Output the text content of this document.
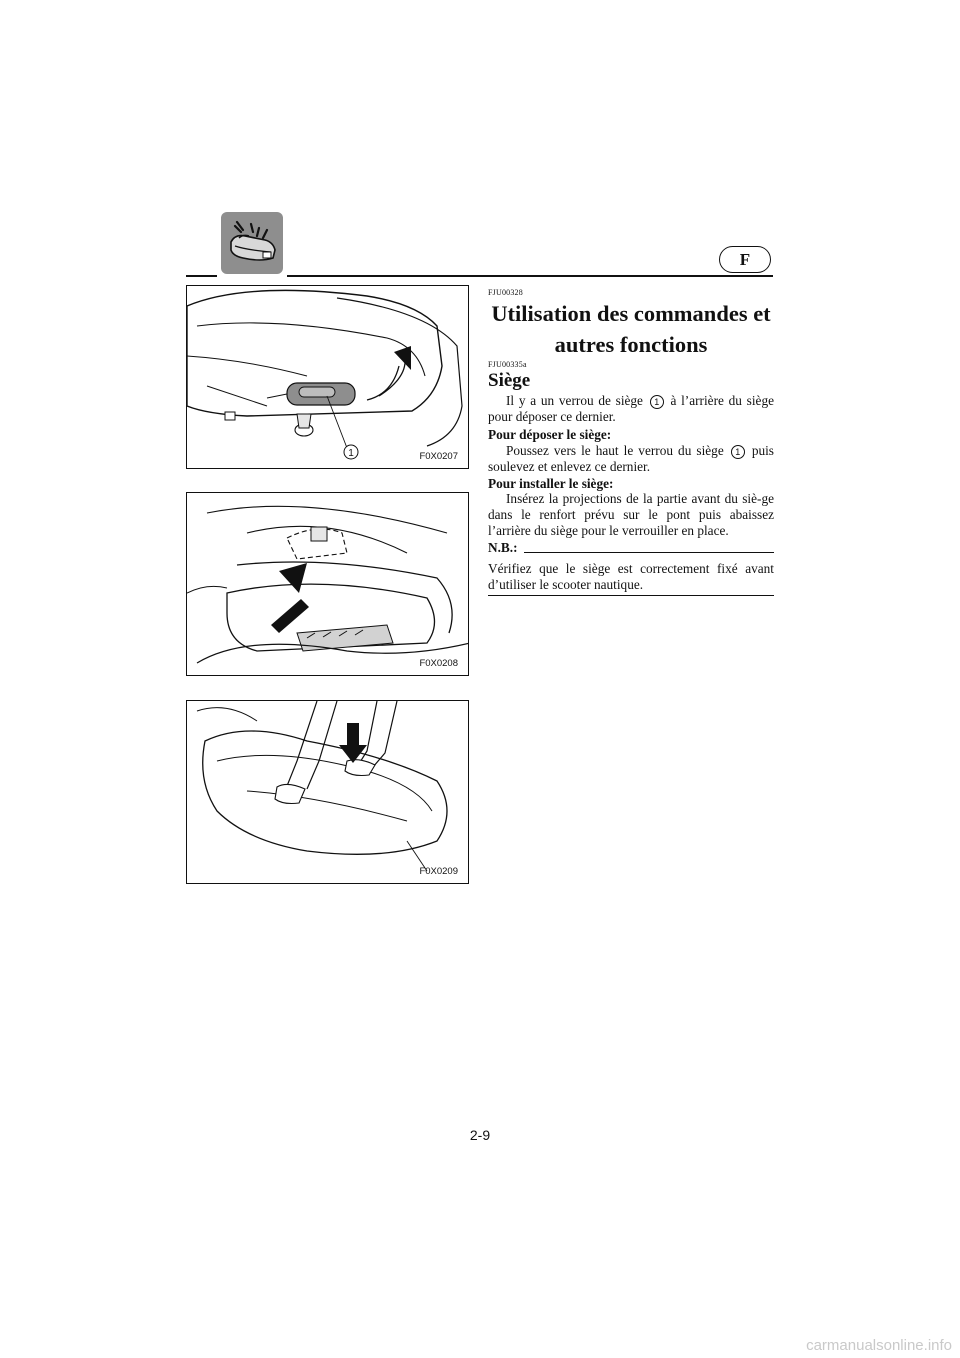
F
1	F0X0207
F0X0208
F0X0209
FJU00328
Utilisation des commandes et
autres fonctions
FJU00335a
Siège
Il y a un verrou de siège 1 à l’arrière du siège pour déposer ce dernier.
Pour déposer le siège:
Poussez vers le haut le verrou du siège 1 puis soulevez et enlevez ce dernier.
Pour installer le siège:
Insérez la projections de la partie avant du siè-ge dans le renfort prévu sur le pont puis abaissez l’arrière du siège pour le verrouiller en place.
N.B.:
Vérifiez que le siège est correctement fixé avant d’utiliser le scooter nautique.
2-9
carmanualsonline.info
